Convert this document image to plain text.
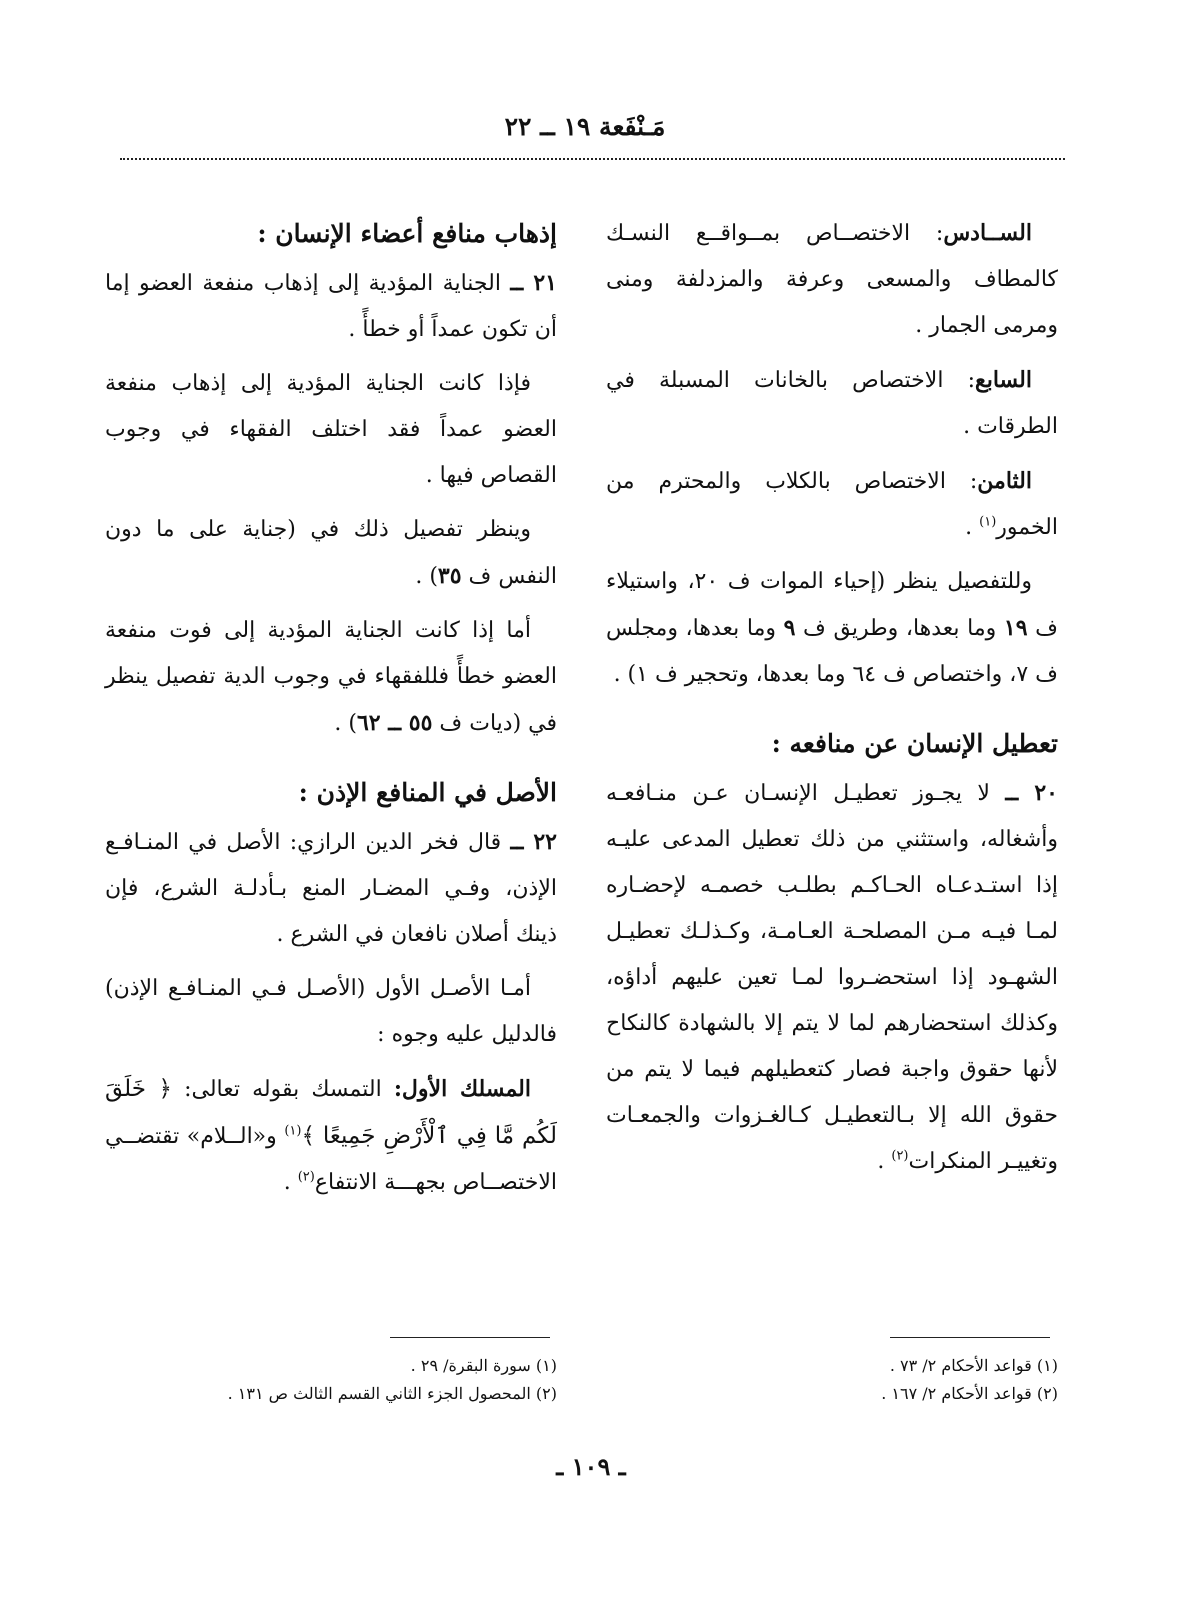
مَـنْفَعة ١٩ ــ ٢٢

الســادس: الاختصــاص بمــواقــع النسـك كالمطاف والمسعى وعرفة والمزدلفة ومنى ومرمى الجمار .

السابع: الاختصاص بالخانات المسبلة في الطرقات .

الثامن: الاختصاص بالكلاب والمحترم من الخمور$^{(١)}$ .

وللتفصيل ينظر (إحياء الموات ف ٢٠، واستيلاء ف ١٩ وما بعدها، وطريق ف ٩ وما بعدها، ومجلس ف ٧، واختصاص ف ٦٤ وما بعدها، وتحجير ف ١) .

تعطيل الإنسان عن منافعه :

٢٠ ــ لا يجـوز تعطيـل الإنسـان عـن منـافعـه وأشغاله، واستثني من ذلك تعطيل المدعى عليـه إذا استـدعـاه الحـاكـم بطلـب خصمـه لإحضـاره لمـا فيـه مـن المصلحـة العـامـة، وكـذلـك تعطيـل الشهـود إذا استحضـروا لمـا تعين عليهم أداؤه، وكذلك استحضارهم لما لا يتم إلا بالشهادة كالنكاح لأنها حقوق واجبة فصار كتعطيلهم فيما لا يتم من حقوق الله إلا بـالتعطيـل كـالغـزوات والجمعـات وتغييـر المنكرات$^{(٢)}$ .

إذهاب منافع أعضاء الإنسان :

٢١ ــ الجناية المؤدية إلى إذهاب منفعة العضو إما أن تكون عمداً أو خطأً .

فإذا كانت الجناية المؤدية إلى إذهاب منفعة العضو عمداً فقد اختلف الفقهاء في وجوب القصاص فيها .

وينظر تفصيل ذلك في (جناية على ما دون النفس ف ٣٥) .

أما إذا كانت الجناية المؤدية إلى فوت منفعة العضو خطأً فللفقهاء في وجوب الدية تفصيل ينظر في (ديات ف ٥٥ ــ ٦٢) .

الأصل في المنافع الإذن :

٢٢ ــ قال فخر الدين الرازي: الأصل في المنـافـع الإذن، وفـي المضـار المنع بـأدلـة الشرع، فإن ذينك أصلان نافعان في الشرع .

أمـا الأصـل الأول (الأصـل فـي المنـافـع الإذن) فالدليل عليه وجوه :

المسلك الأول: التمسك بقوله تعالى: ﴿ خَلَقَ لَكُم مَّا فِي ٱلْأَرْضِ جَمِيعًا ﴾$^{(١)}$ و«الــلام» تقتضــي الاختصــاص بجهـــة الانتفاع$^{(٢)}$ .

(١) قواعد الأحكام ٢/ ٧٣ .
(٢) قواعد الأحكام ٢/ ١٦٧ .
(١) سورة البقرة/ ٢٩ .
(٢) المحصول الجزء الثاني القسم الثالث ص ١٣١ .
ـ ١٠٩ ـ
